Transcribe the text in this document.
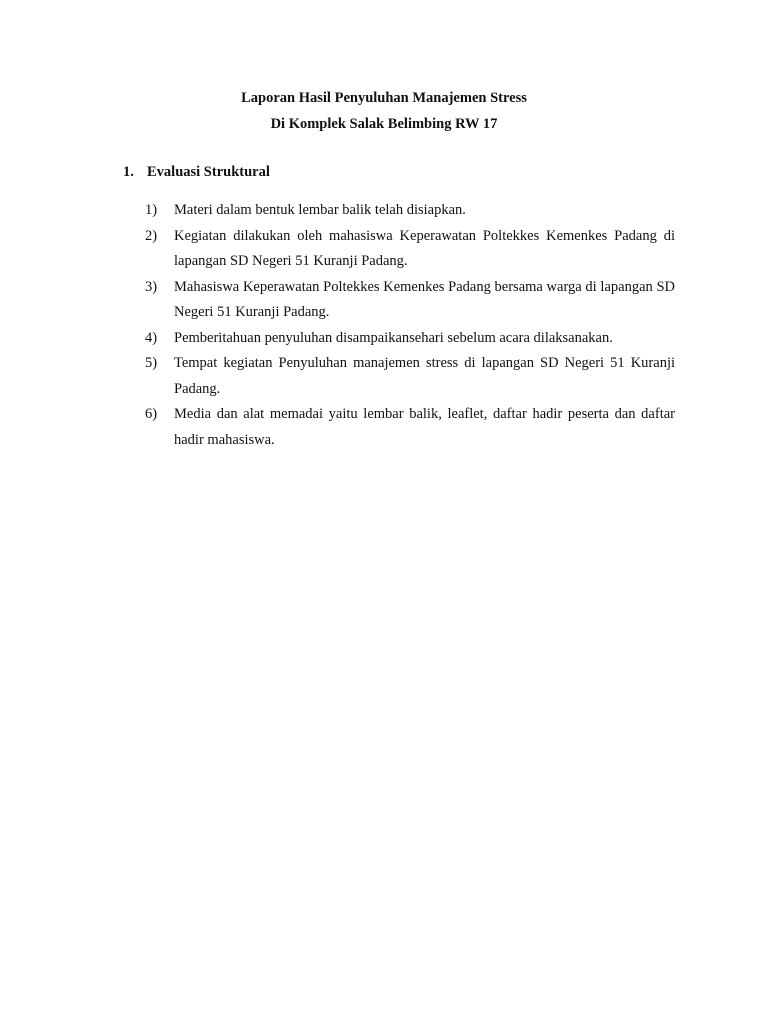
Laporan Hasil Penyuluhan Manajemen Stress
Di Komplek Salak Belimbing RW 17
1. Evaluasi Struktural
1)	Materi dalam bentuk lembar balik telah disiapkan.
2)	Kegiatan dilakukan oleh mahasiswa Keperawatan Poltekkes Kemenkes Padang di lapangan SD Negeri 51 Kuranji Padang.
3)	Mahasiswa Keperawatan Poltekkes Kemenkes Padang bersama warga di lapangan SD Negeri 51 Kuranji Padang.
4)	Pemberitahuan penyuluhan disampaikansehari sebelum acara dilaksanakan.
5)	Tempat kegiatan Penyuluhan manajemen stress di lapangan SD Negeri 51 Kuranji Padang.
6)	Media dan alat memadai yaitu lembar balik, leaflet, daftar hadir peserta dan daftar hadir mahasiswa.
